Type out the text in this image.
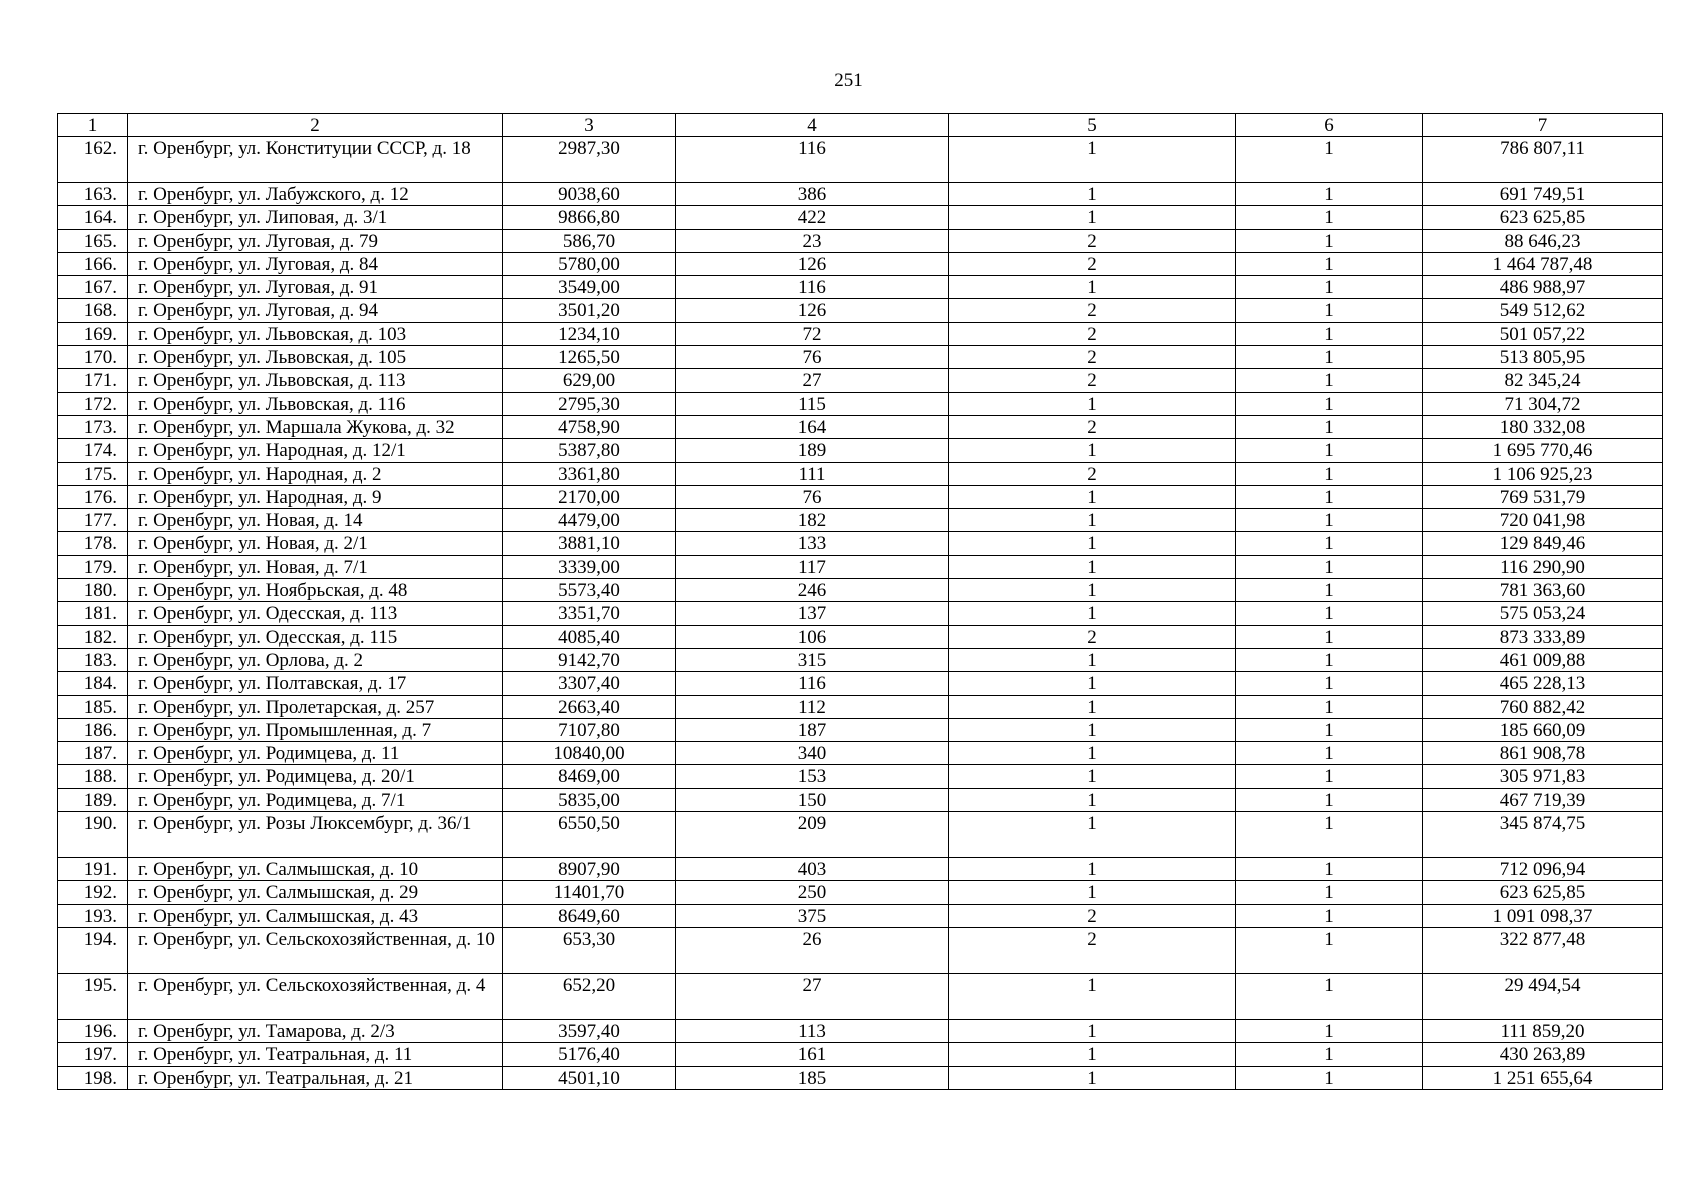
251
1	2	3	4	5	6	7
162.	г. Оренбург, ул. Конституции СССР, д. 18	2987,30	116	1	1	786 807,11
163.	г. Оренбург, ул. Лабужского, д. 12	9038,60	386	1	1	691 749,51
164.	г. Оренбург, ул. Липовая, д. 3/1	9866,80	422	1	1	623 625,85
165.	г. Оренбург, ул. Луговая, д. 79	586,70	23	2	1	88 646,23
166.	г. Оренбург, ул. Луговая, д. 84	5780,00	126	2	1	1 464 787,48
167.	г. Оренбург, ул. Луговая, д. 91	3549,00	116	1	1	486 988,97
168.	г. Оренбург, ул. Луговая, д. 94	3501,20	126	2	1	549 512,62
169.	г. Оренбург, ул. Львовская, д. 103	1234,10	72	2	1	501 057,22
170.	г. Оренбург, ул. Львовская, д. 105	1265,50	76	2	1	513 805,95
171.	г. Оренбург, ул. Львовская, д. 113	629,00	27	2	1	82 345,24
172.	г. Оренбург, ул. Львовская, д. 116	2795,30	115	1	1	71 304,72
173.	г. Оренбург, ул. Маршала Жукова, д. 32	4758,90	164	2	1	180 332,08
174.	г. Оренбург, ул. Народная, д. 12/1	5387,80	189	1	1	1 695 770,46
175.	г. Оренбург, ул. Народная, д. 2	3361,80	111	2	1	1 106 925,23
176.	г. Оренбург, ул. Народная, д. 9	2170,00	76	1	1	769 531,79
177.	г. Оренбург, ул. Новая, д. 14	4479,00	182	1	1	720 041,98
178.	г. Оренбург, ул. Новая, д. 2/1	3881,10	133	1	1	129 849,46
179.	г. Оренбург, ул. Новая, д. 7/1	3339,00	117	1	1	116 290,90
180.	г. Оренбург, ул. Ноябрьская, д. 48	5573,40	246	1	1	781 363,60
181.	г. Оренбург, ул. Одесская, д. 113	3351,70	137	1	1	575 053,24
182.	г. Оренбург, ул. Одесская, д. 115	4085,40	106	2	1	873 333,89
183.	г. Оренбург, ул. Орлова, д. 2	9142,70	315	1	1	461 009,88
184.	г. Оренбург, ул. Полтавская, д. 17	3307,40	116	1	1	465 228,13
185.	г. Оренбург, ул. Пролетарская, д. 257	2663,40	112	1	1	760 882,42
186.	г. Оренбург, ул. Промышленная, д. 7	7107,80	187	1	1	185 660,09
187.	г. Оренбург, ул. Родимцева, д. 11	10840,00	340	1	1	861 908,78
188.	г. Оренбург, ул. Родимцева, д. 20/1	8469,00	153	1	1	305 971,83
189.	г. Оренбург, ул. Родимцева, д. 7/1	5835,00	150	1	1	467 719,39
190.	г. Оренбург, ул. Розы Люксембург, д. 36/1	6550,50	209	1	1	345 874,75
191.	г. Оренбург, ул. Салмышская, д. 10	8907,90	403	1	1	712 096,94
192.	г. Оренбург, ул. Салмышская, д. 29	11401,70	250	1	1	623 625,85
193.	г. Оренбург, ул. Салмышская, д. 43	8649,60	375	2	1	1 091 098,37
194.	г. Оренбург, ул. Сельскохозяйственная, д. 10	653,30	26	2	1	322 877,48
195.	г. Оренбург, ул. Сельскохозяйственная, д. 4	652,20	27	1	1	29 494,54
196.	г. Оренбург, ул. Тамарова, д. 2/3	3597,40	113	1	1	111 859,20
197.	г. Оренбург, ул. Театральная, д. 11	5176,40	161	1	1	430 263,89
198.	г. Оренбург, ул. Театральная, д. 21	4501,10	185	1	1	1 251 655,64
